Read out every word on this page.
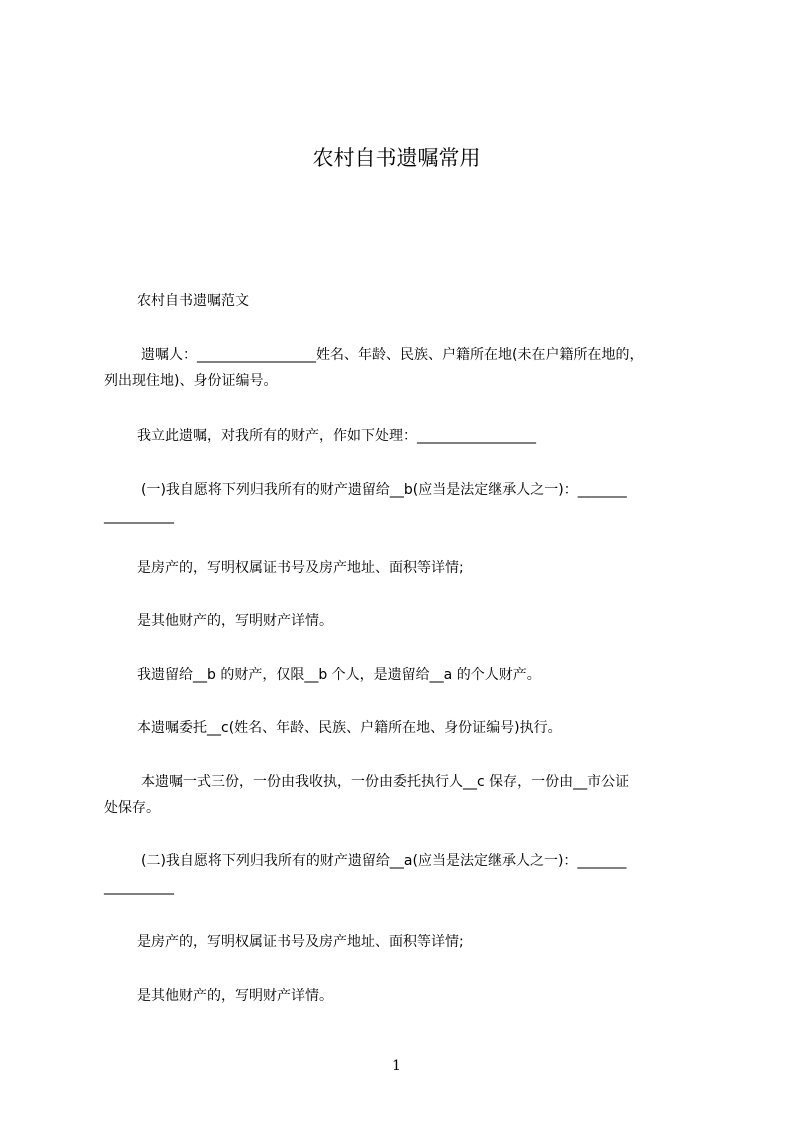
农村自书遗嘱常用
农村自书遗嘱范文
遗嘱人：_________________姓名、年龄、民族、户籍所在地(未在户籍所在地的，
列出现住地)、身份证编号。
我立此遗嘱，对我所有的财产，作如下处理：_________________
(一)我自愿将下列归我所有的财产遗留给__b(应当是法定继承人之一)：_______
__________
是房产的，写明权属证书号及房产地址、面积等详情;
是其他财产的，写明财产详情。
我遗留给__b 的财产，仅限__b 个人，是遗留给__a 的个人财产。
本遗嘱委托__c(姓名、年龄、民族、户籍所在地、身份证编号)执行。
本遗嘱一式三份，一份由我收执，一份由委托执行人__c 保存，一份由__市公证
处保存。
(二)我自愿将下列归我所有的财产遗留给__a(应当是法定继承人之一)：_______
__________
是房产的，写明权属证书号及房产地址、面积等详情;
是其他财产的，写明财产详情。
1
